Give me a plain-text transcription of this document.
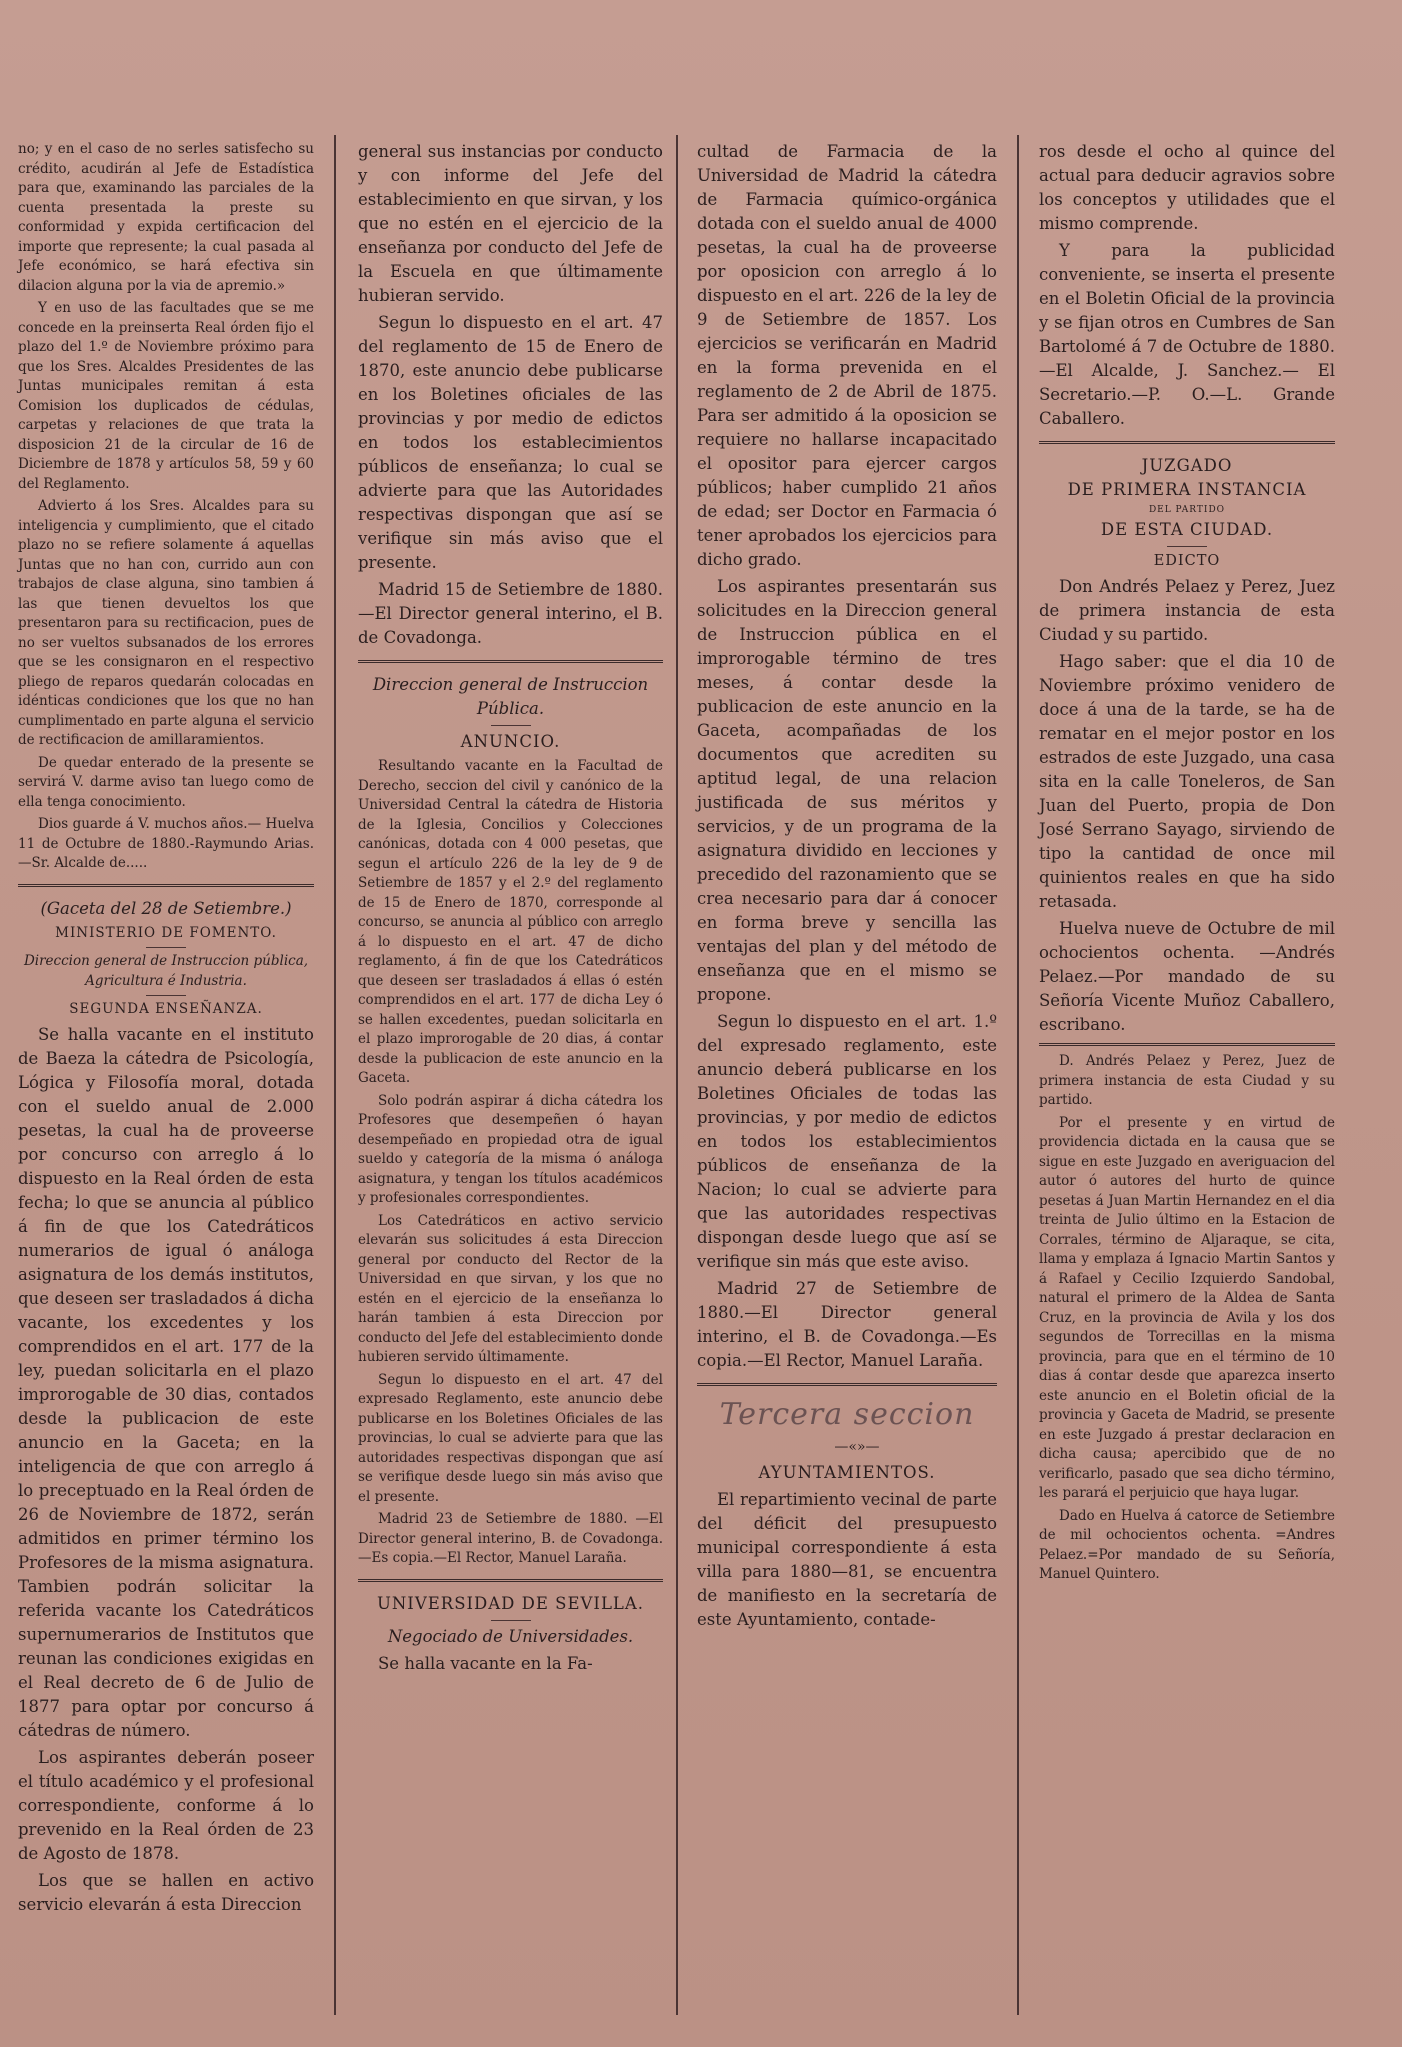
no; y en el caso de no serles satisfecho su crédito, acudirán al Jefe de Estadística para que, examinando las parciales de la cuenta presentada la preste su conformidad y expida certificacion del importe que represente; la cual pasada al Jefe económico, se hará efectiva sin dilacion alguna por la via de apremio.»

Y en uso de las facultades que se me concede en la preinserta Real órden fijo el plazo del 1.º de Noviembre próximo para que los Sres. Alcaldes Presidentes de las Juntas municipales remitan á esta Comision los duplicados de cédulas, carpetas y relaciones de que trata la disposicion 21 de la circular de 16 de Diciembre de 1878 y artículos 58, 59 y 60 del Reglamento.

Advierto á los Sres. Alcaldes para su inteligencia y cumplimiento, que el citado plazo no se refiere solamente á aquellas Juntas que no han con, currido aun con trabajos de clase alguna, sino tambien á las que tienen devueltos los que presentaron para su rectificacion, pues de no ser vueltos subsanados de los errores que se les consignaron en el respectivo pliego de reparos quedarán colocadas en idénticas condiciones que los que no han cumplimentado en parte alguna el servicio de rectificacion de amillaramientos.

De quedar enterado de la presente se servirá V. darme aviso tan luego como de ella tenga conocimiento.

Dios guarde á V. muchos años.— Huelva 11 de Octubre de 1880.-Raymundo Arias.—Sr. Alcalde de.....

(Gaceta del 28 de Setiembre.)

MINISTERIO DE FOMENTO.

Direccion general de Instruccion pública, Agricultura é Industria.

SEGUNDA ENSEÑANZA.

Se halla vacante en el instituto de Baeza la cátedra de Psicología, Lógica y Filosofía moral, dotada con el sueldo anual de 2.000 pesetas, la cual ha de proveerse por concurso con arreglo á lo dispuesto en la Real órden de esta fecha; lo que se anuncia al público á fin de que los Catedráticos numerarios de igual ó análoga asignatura de los demás institutos, que deseen ser trasladados á dicha vacante, los excedentes y los comprendidos en el art. 177 de la ley, puedan solicitarla en el plazo improrogable de 30 dias, contados desde la publicacion de este anuncio en la Gaceta; en la inteligencia de que con arreglo á lo preceptuado en la Real órden de 26 de Noviembre de 1872, serán admitidos en primer término los Profesores de la misma asignatura. Tambien podrán solicitar la referida vacante los Catedráticos supernumerarios de Institutos que reunan las condiciones exigidas en el Real decreto de 6 de Julio de 1877 para optar por concurso á cátedras de número.

Los aspirantes deberán poseer el título académico y el profesional correspondiente, conforme á lo prevenido en la Real órden de 23 de Agosto de 1878.

Los que se hallen en activo servicio elevarán á esta Direccion

general sus instancias por conducto y con informe del Jefe del establecimiento en que sirvan, y los que no estén en el ejercicio de la enseñanza por conducto del Jefe de la Escuela en que últimamente hubieran servido.

Segun lo dispuesto en el art. 47 del reglamento de 15 de Enero de 1870, este anuncio debe publicarse en los Boletines oficiales de las provincias y por medio de edictos en todos los establecimientos públicos de enseñanza; lo cual se advierte para que las Autoridades respectivas dispongan que así se verifique sin más aviso que el presente.

Madrid 15 de Setiembre de 1880.—El Director general interino, el B. de Covadonga.

Direccion general de Instruccion Pública.

ANUNCIO.

Resultando vacante en la Facultad de Derecho, seccion del civil y canónico de la Universidad Central la cátedra de Historia de la Iglesia, Concilios y Colecciones canónicas, dotada con 4 000 pesetas, que segun el artículo 226 de la ley de 9 de Setiembre de 1857 y el 2.º del reglamento de 15 de Enero de 1870, corresponde al concurso, se anuncia al público con arreglo á lo dispuesto en el art. 47 de dicho reglamento, á fin de que los Catedráticos que deseen ser trasladados á ellas ó estén comprendidos en el art. 177 de dicha Ley ó se hallen excedentes, puedan solicitarla en el plazo improrogable de 20 dias, á contar desde la publicacion de este anuncio en la Gaceta.

Solo podrán aspirar á dicha cátedra los Profesores que desempeñen ó hayan desempeñado en propiedad otra de igual sueldo y categoría de la misma ó análoga asignatura, y tengan los títulos académicos y profesionales correspondientes.

Los Catedráticos en activo servicio elevarán sus solicitudes á esta Direccion general por conducto del Rector de la Universidad en que sirvan, y los que no estén en el ejercicio de la enseñanza lo harán tambien á esta Direccion por conducto del Jefe del establecimiento donde hubieren servido últimamente.

Segun lo dispuesto en el art. 47 del expresado Reglamento, este anuncio debe publicarse en los Boletines Oficiales de las provincias, lo cual se advierte para que las autoridades respectivas dispongan que así se verifique desde luego sin más aviso que el presente.

Madrid 23 de Setiembre de 1880. —El Director general interino, B. de Covadonga.—Es copia.—El Rector, Manuel Laraña.

UNIVERSIDAD DE SEVILLA.

Negociado de Universidades.

Se halla vacante en la Fa-

cultad de Farmacia de la Universidad de Madrid la cátedra de Farmacia químico-orgánica dotada con el sueldo anual de 4000 pesetas, la cual ha de proveerse por oposicion con arreglo á lo dispuesto en el art. 226 de la ley de 9 de Setiembre de 1857. Los ejercicios se verificarán en Madrid en la forma prevenida en el reglamento de 2 de Abril de 1875. Para ser admitido á la oposicion se requiere no hallarse incapacitado el opositor para ejercer cargos públicos; haber cumplido 21 años de edad; ser Doctor en Farmacia ó tener aprobados los ejercicios para dicho grado.

Los aspirantes presentarán sus solicitudes en la Direccion general de Instruccion pública en el improrogable término de tres meses, á contar desde la publicacion de este anuncio en la Gaceta, acompañadas de los documentos que acrediten su aptitud legal, de una relacion justificada de sus méritos y servicios, y de un programa de la asignatura dividido en lecciones y precedido del razonamiento que se crea necesario para dar á conocer en forma breve y sencilla las ventajas del plan y del método de enseñanza que en el mismo se propone.

Segun lo dispuesto en el art. 1.º del expresado reglamento, este anuncio deberá publicarse en los Boletines Oficiales de todas las provincias, y por medio de edictos en todos los establecimientos públicos de enseñanza de la Nacion; lo cual se advierte para que las autoridades respectivas dispongan desde luego que así se verifique sin más que este aviso.

Madrid 27 de Setiembre de 1880.—El Director general interino, el B. de Covadonga.—Es copia.—El Rector, Manuel Laraña.

Tercera seccion

—«»—

AYUNTAMIENTOS.

El repartimiento vecinal de parte del déficit del presupuesto municipal correspondiente á esta villa para 1880—81, se encuentra de manifiesto en la secretaría de este Ayuntamiento, contade-

ros desde el ocho al quince del actual para deducir agravios sobre los conceptos y utilidades que el mismo comprende.

Y para la publicidad conveniente, se inserta el presente en el Boletin Oficial de la provincia y se fijan otros en Cumbres de San Bartolomé á 7 de Octubre de 1880. —El Alcalde, J. Sanchez.— El Secretario.—P. O.—L. Grande Caballero.

JUZGADO

DE PRIMERA INSTANCIA

DEL PARTIDO

DE ESTA CIUDAD.

EDICTO

Don Andrés Pelaez y Perez, Juez de primera instancia de esta Ciudad y su partido.

Hago saber: que el dia 10 de Noviembre próximo venidero de doce á una de la tarde, se ha de rematar en el mejor postor en los estrados de este Juzgado, una casa sita en la calle Toneleros, de San Juan del Puerto, propia de Don José Serrano Sayago, sirviendo de tipo la cantidad de once mil quinientos reales en que ha sido retasada.

Huelva nueve de Octubre de mil ochocientos ochenta. —Andrés Pelaez.—Por mandado de su Señoría Vicente Muñoz Caballero, escribano.

D. Andrés Pelaez y Perez, Juez de primera instancia de esta Ciudad y su partido.

Por el presente y en virtud de providencia dictada en la causa que se sigue en este Juzgado en averiguacion del autor ó autores del hurto de quince pesetas á Juan Martin Hernandez en el dia treinta de Julio último en la Estacion de Corrales, término de Aljaraque, se cita, llama y emplaza á Ignacio Martin Santos y á Rafael y Cecilio Izquierdo Sandobal, natural el primero de la Aldea de Santa Cruz, en la provincia de Avila y los dos segundos de Torrecillas en la misma provincia, para que en el término de 10 dias á contar desde que aparezca inserto este anuncio en el Boletin oficial de la provincia y Gaceta de Madrid, se presente en este Juzgado á prestar declaracion en dicha causa; apercibido que de no verificarlo, pasado que sea dicho término, les parará el perjuicio que haya lugar.

Dado en Huelva á catorce de Setiembre de mil ochocientos ochenta. =Andres Pelaez.=Por mandado de su Señoría, Manuel Quintero.
